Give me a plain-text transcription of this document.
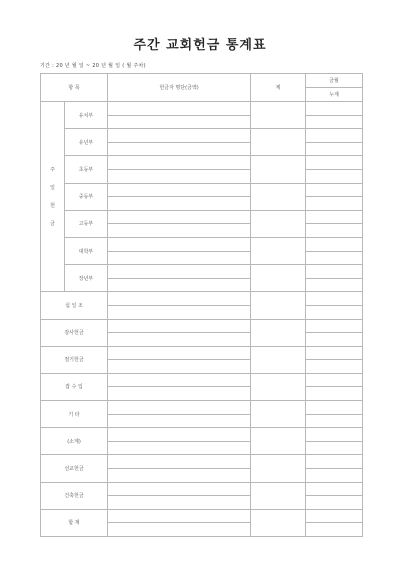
주간 교회헌금 통계표
기간 : 20 년 월 일 ~ 20 년 월 일 ( 월 주차)
항 목		헌금자 명단(금액)	계	금월
				누계

주
일
헌
금	유치부			

	유년부			

	초등부			

	중등부			

	고등부			

	대학부			

	장년부			

십 일 조				

감사헌금				

절기헌금				

잡 수 입				

기 타				

(소계)				

선교헌금				

건축헌금				

합 계				
